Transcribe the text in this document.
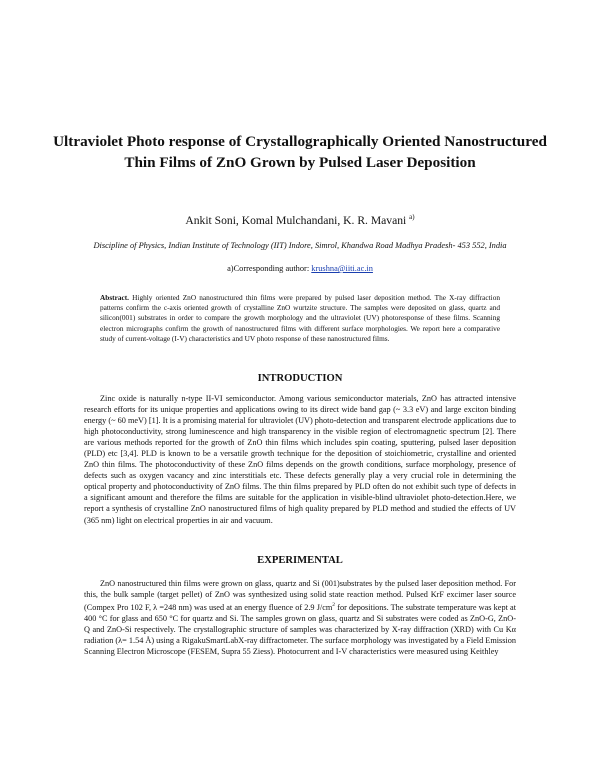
Ultraviolet Photo response of Crystallographically Oriented Nanostructured Thin Films of ZnO Grown by Pulsed Laser Deposition
Ankit Soni, Komal Mulchandani, K. R. Mavani $^{a)}$
Discipline of Physics, Indian Institute of Technology (IIT) Indore, Simrol, Khandwa Road Madhya Pradesh- 453 552, India
a)Corresponding author: krushna@iiti.ac.in
Abstract. Highly oriented ZnO nanostructured thin films were prepared by pulsed laser deposition method. The X-ray diffraction patterns confirm the c-axis oriented growth of crystalline ZnO wurtzite structure. The samples were deposited on glass, quartz and silicon(001) substrates in order to compare the growth morphology and the ultraviolet (UV) photoresponse of these films. Scanning electron micrographs confirm the growth of nanostructured films with different surface morphologies. We report here a comparative study of current-voltage (I-V) characteristics and UV photo response of these nanostructured films.
INTRODUCTION
Zinc oxide is naturally n-type II-VI semiconductor. Among various semiconductor materials, ZnO has attracted intensive research efforts for its unique properties and applications owing to its direct wide band gap (~ 3.3 eV) and large exciton binding energy (~ 60 meV) [1]. It is a promising material for ultraviolet (UV) photo-detection and transparent electrode applications due to high photoconductivity, strong luminescence and high transparency in the visible region of electromagnetic spectrum [2]. There are various methods reported for the growth of ZnO thin films which includes spin coating, sputtering, pulsed laser deposition (PLD) etc [3,4]. PLD is known to be a versatile growth technique for the deposition of stoichiometric, crystalline and oriented ZnO thin films. The photoconductivity of these ZnO films depends on the growth conditions, surface morphology, presence of defects such as oxygen vacancy and zinc interstitials etc. These defects generally play a very crucial role in determining the optical property and photoconductivity of ZnO films. The thin films prepared by PLD often do not exhibit such type of defects in a significant amount and therefore the films are suitable for the application in visible-blind ultraviolet photo-detection.Here, we report a synthesis of crystalline ZnO nanostructured films of high quality prepared by PLD method and studied the effects of UV (365 nm) light on electrical properties in air and vacuum.
EXPERIMENTAL
ZnO nanostructured thin films were grown on glass, quartz and Si (001)substrates by the pulsed laser deposition method. For this, the bulk sample (target pellet) of ZnO was synthesized using solid state reaction method. Pulsed KrF excimer laser source (Compex Pro 102 F, λ =248 nm) was used at an energy fluence of 2.9 $J/cm^2$ for depositions. The substrate temperature was kept at 400 °C for glass and 650 °C for quartz and Si. The samples grown on glass, quartz and Si substrates were coded as ZnO-G, ZnO-Q and ZnO-Si respectively. The crystallographic structure of samples was characterized by X-ray diffraction (XRD) with Cu Kα radiation (λ= 1.54 Å) using a RigakuSmartLabX-ray diffractometer. The surface morphology was investigated by a Field Emission Scanning Electron Microscope (FESEM, Supra 55 Ziess). Photocurrent and I-V characteristics were measured using Keithley
